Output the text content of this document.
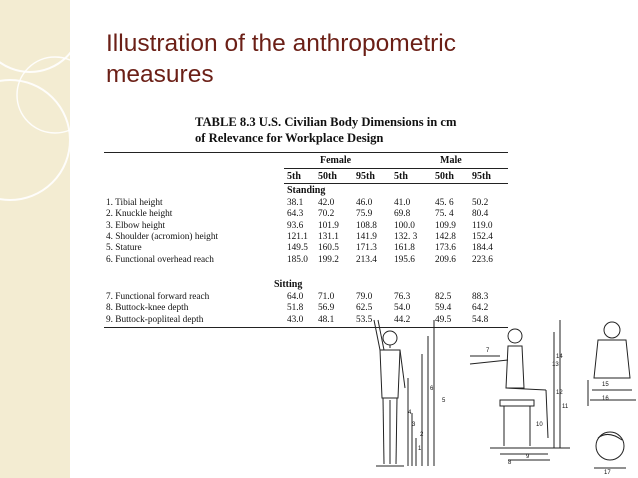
Illustration of the anthropometric
measures
TABLE 8.3 U.S. Civilian Body Dimensions in cm
of Relevance for Workplace Design
Female	Male
5th 50th 95th 5th	50th 95th
Standing
1. Tibial height	38.1 42.0 46.0 41.0	45. 6 50.2
2. Knuckle height	64.3 70.2 75.9 69.8	75. 4 80.4
3. Elbow height	93.6 101.9 108.8 100.0 109.9 119.0
4. Shoulder (acromion) height	121.1 131.1 141.9 132. 3 142.8 152.4
5. Stature	149.5 160.5 171.3 161.8 173.6 184.4
6. Functional overhead reach	185.0 199.2 213.4 195.6 209.6 223.6
Sitting
7. Functional forward reach	64.0 71.0 79.0 76.3	82.5 88.3
8. Buttock-knee depth	51.8 56.9 62.5 54.0	59.4 64.2
9. Buttock-popliteal depth	43.0 48.1 53.5 44.2	49.5 54.8
1
2
3
4
5
6
7
8
9
10
11
12
13
14
15
16
17
